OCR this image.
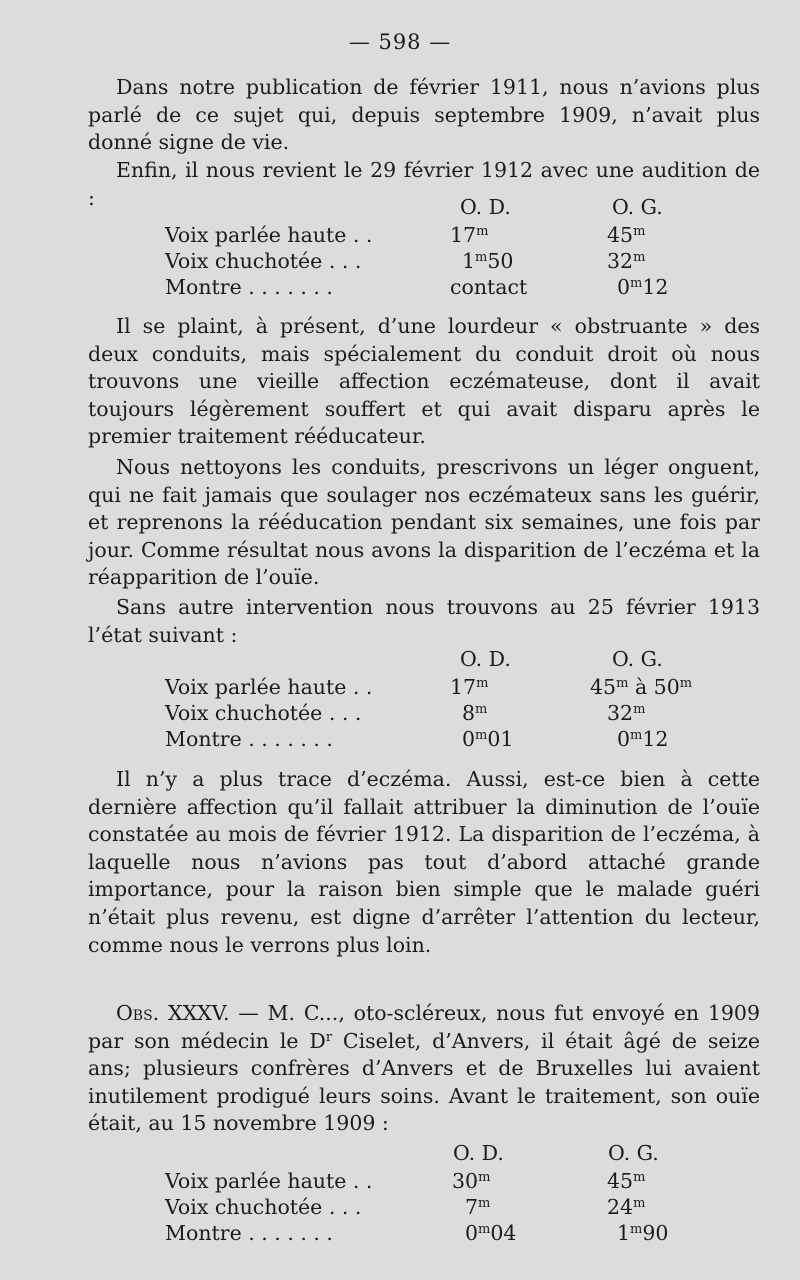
— 598 —

Dans notre publication de février 1911, nous n’avions plus parlé de ce sujet qui, depuis septembre 1909, n’avait plus donné signe de vie.

Enfin, il nous revient le 29 février 1912 avec une audition de :	O. D.	O. G.
Voix parlée haute . .	17$^m$	45$^m$
Voix chuchotée . . .	1$^m$50	32$^m$
Montre . . . . . . .	contact	0$^m$12

Il se plaint, à présent, d’une lourdeur « obstruante » des deux conduits, mais spécialement du conduit droit où nous trouvons une vieille affection eczémateuse, dont il avait toujours légèrement souffert et qui avait disparu après le premier traitement rééducateur.

Nous nettoyons les conduits, prescrivons un léger onguent, qui ne fait jamais que soulager nos eczémateux sans les guérir, et reprenons la rééducation pendant six semaines, une fois par jour. Comme résultat nous avons la disparition de l’eczéma et la réapparition de l’ouïe.

Sans autre intervention nous trouvons au 25 février 1913 l’état suivant :

O. D.	O. G.
Voix parlée haute . .	17$^m$	45$^m$ à 50$^m$
Voix chuchotée . . .	8$^m$	32$^m$
Montre . . . . . . .	0$^m$01	0$^m$12

Il n’y a plus trace d’eczéma. Aussi, est-ce bien à cette dernière affection qu’il fallait attribuer la diminution de l’ouïe constatée au mois de février 1912. La disparition de l’eczéma, à laquelle nous n’avions pas tout d’abord attaché grande importance, pour la raison bien simple que le malade guéri n’était plus revenu, est digne d’arrêter l’attention du lecteur, comme nous le verrons plus loin.

Obs. XXXV. — M. C..., oto-scléreux, nous fut envoyé en 1909 par son médecin le $D^r$ Ciselet, d’Anvers, il était âgé de seize ans; plusieurs confrères d’Anvers et de Bruxelles lui avaient inutilement prodigué leurs soins. Avant le traitement, son ouïe était, au 15 novembre 1909 :

O. D.	O. G.
Voix parlée haute . .	30$^m$	45$^m$
Voix chuchotée . . .	7$^m$	24$^m$
Montre . . . . . . .	0$^m$04	1$^m$90
